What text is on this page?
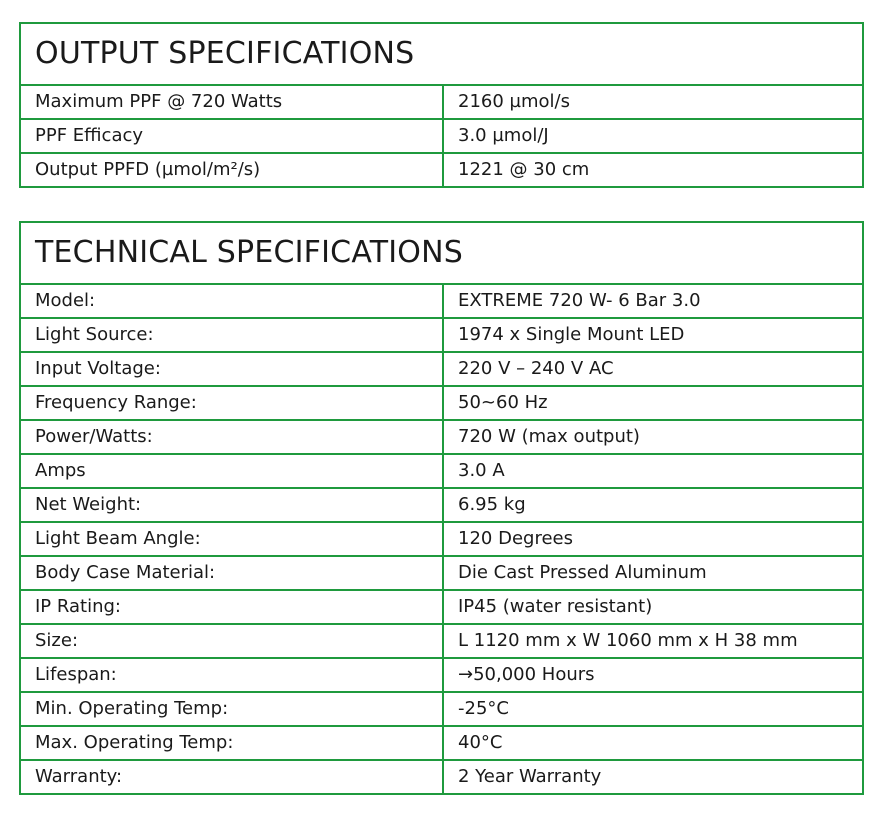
OUTPUT SPECIFICATIONS	
Maximum PPF @ 720 Watts	2160 µmol/s
PPF Efficacy	3.0 µmol/J
Output PPFD (µmol/m²/s)	1221 @ 30 cm
TECHNICAL SPECIFICATIONS	
Model:	EXTREME 720 W- 6 Bar 3.0
Light Source:	1974 x Single Mount LED
Input Voltage:	220 V – 240 V AC
Frequency Range:	50~60 Hz
Power/Watts:	720 W (max output)
Amps	3.0 A
Net Weight:	6.95 kg
Light Beam Angle:	120 Degrees
Body Case Material:	Die Cast Pressed Aluminum
IP Rating:	IP45 (water resistant)
Size:	L 1120 mm x W 1060 mm x H 38 mm
Lifespan:	→50,000 Hours
Min. Operating Temp:	-25°C
Max. Operating Temp:	40°C
Warranty:	2 Year Warranty
